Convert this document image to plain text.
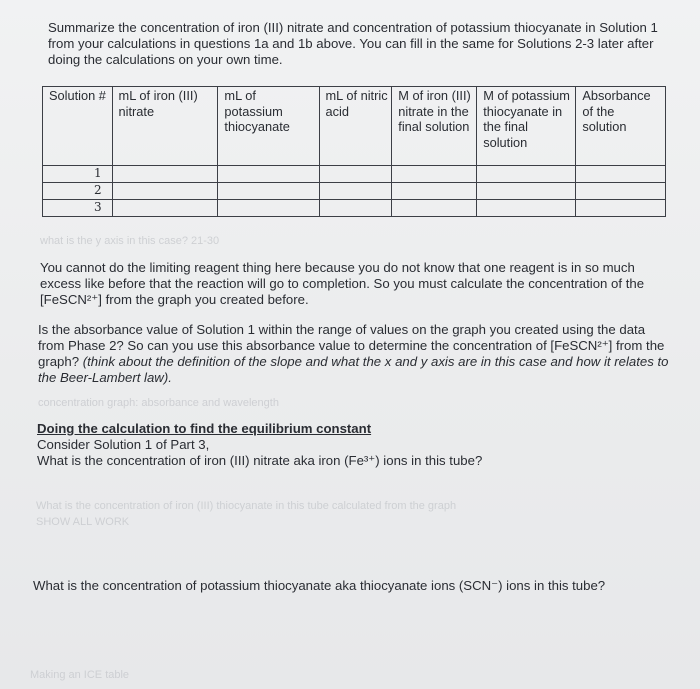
Summarize the concentration of iron (III) nitrate and concentration of potassium thiocyanate in Solution 1 from your calculations in questions 1a and 1b above. You can fill in the same for Solutions 2-3 later after doing the calculations on your own time.

Solution #	mL of iron (III) nitrate	mL of potassium thiocyanate	mL of nitric acid	M of iron (III) nitrate in the final solution	M of potassium thiocyanate in the final solution	Absorbance of the solution
1						
2						
3						
what is the y axis in this case? 21-30

You cannot do the limiting reagent thing here because you do not know that one reagent is in so much excess like before that the reaction will go to completion. So you must calculate the concentration of the [FeSCN²⁺] from the graph you created before.

Is the absorbance value of Solution 1 within the range of values on the graph you created using the data from Phase 2? So can you use this absorbance value to determine the concentration of [FeSCN²⁺] from the graph? (think about the definition of the slope and what the x and y axis are in this case and how it relates to the Beer-Lambert law).

concentration graph: absorbance and wavelength
Doing the calculation to find the equilibrium constant
Consider Solution 1 of Part 3,
What is the concentration of iron (III) nitrate aka iron (Fe³⁺) ions in this tube?
What is the concentration of iron (III) thiocyanate in this tube calculated from the graph
SHOW ALL WORK

What is the concentration of potassium thiocyanate aka thiocyanate ions (SCN⁻) ions in this tube?

Making an ICE table
